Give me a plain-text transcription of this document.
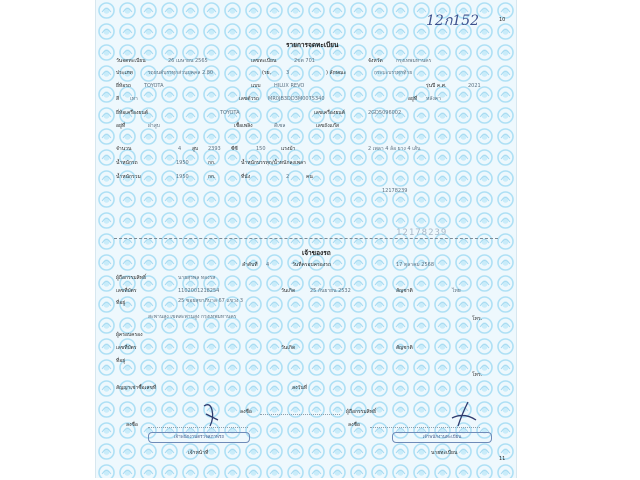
12ก152	10
รายการจดทะเบียน
วันจดทะเบียน	26 เมษายน 2565	เลขทะเบียน	2ขต 701	จังหวัด	กรุงเทพมหานคร
ประเภท	รถยนต์บรรทุกส่วนบุคคล 2.80	(รย.	3	) ลักษณะ	กระบะบรรทุกท้าย
ยี่ห้อรถ	TOYOTA	แบบ	HILUX REVO	รุ่นปี ค.ศ.	2021
สี เทา	เลขตัวรถ MR0JB3DD3M0075340	อยู่ที่ หลังคา
ยี่ห้อเครื่องยนต์	TOYOTA	เลขเครื่องยนต์	2GD5096002
อยู่ที่	ฝาสูบ	เชื้อเพลิง	ดีเซล	เลขถังแก๊ส
จำนวน	4 สูบ 2393 ซีซี	150	แรงม้า	2 เพลา 4 ล้อ ยาง 4 เส้น
น้ำหนักรถ	1950	กก.	น้ำหนักบรรทุก/น้ำหนักลงเพลา
น้ำหนักรวม	1950	กก.	ที่นั่ง	2	คน
12178239
12178239
เจ้าของรถ
ลำดับที่ 4	วันที่ครอบครองรถ	17 ตุลาคม 2568
ผู้ถือกรรมสิทธิ์	นายสุรพล ทองรส
เลขที่บัตร	1102001218254	วันเกิด	25 กันยายน 2532	สัญชาติ	ไทย
ที่อยู่	25 ซอยสุขาภิบาล 67 แขวง 3
สะพานสูง เขตสะพานสูง กรุงเทพมหานคร	โทร.
ผู้ครอบครอง
เลขที่บัตร	วันเกิด	สัญชาติ
ที่อยู่
โทร.
สัญญาเช่าซื้อเลขที่	ลงวันที่
ลงชื่อ	ผู้ถือกรรมสิทธิ์
ลงชื่อ	ลงชื่อ
เจ้าพนักงานตรวจสภาพรถ	เจ้าพนักงานทะเบียน
เจ้าหน้าที่	นายทะเบียน
11
